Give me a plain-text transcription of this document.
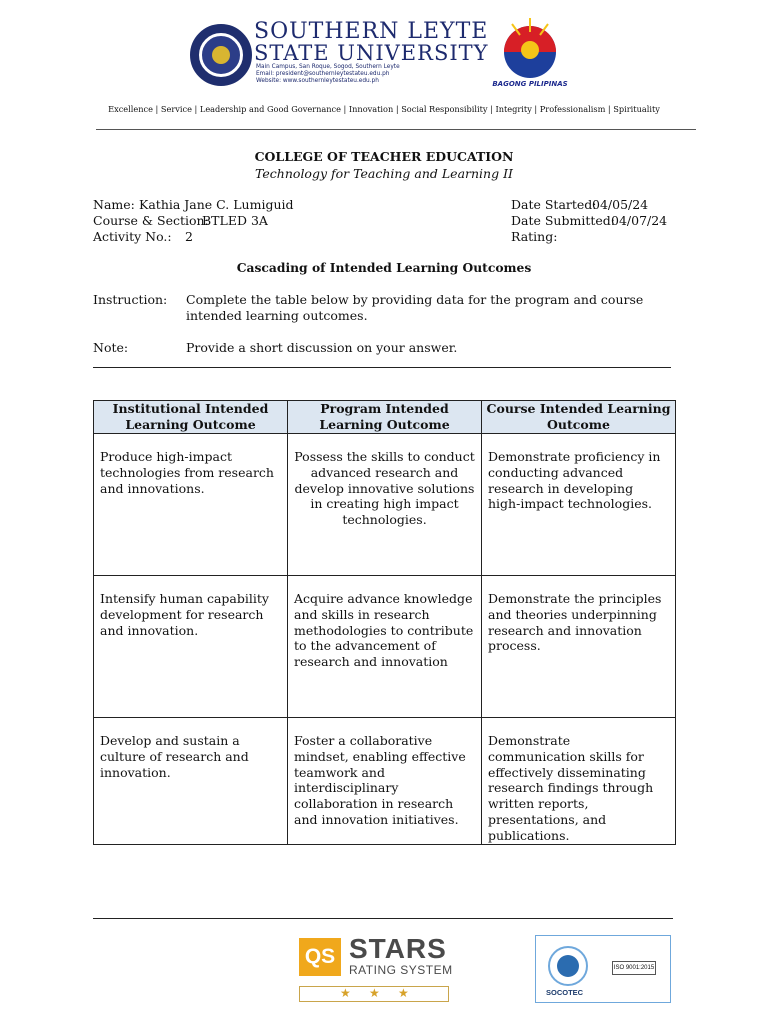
SOUTHERN LEYTE
STATE UNIVERSITY
Main Campus, San Roque, Sogod, Southern Leyte
Email: president@southernleytestateu.edu.ph
Website: www.southernleytestateu.edu.ph	BAGONG PILIPINAS
Excellence | Service | Leadership and Good Governance | Innovation | Social Responsibility | Integrity | Professionalism | Spirituality
COLLEGE OF TEACHER EDUCATION
Technology for Teaching and Learning II
Name: Kathia Jane C. Lumiguid
Course & Section:
BTLED 3A
Activity No.: 2
Date Started:
04/05/24
Date Submitted:
04/07/24
Rating:
Cascading of Intended Learning Outcomes
Instruction: Complete the table below by providing data for the program and course intended learning outcomes.
Note:	Provide a short discussion on your answer.
Institutional Intended Learning Outcome	Program Intended Learning Outcome	Course Intended Learning Outcome
Produce high-impact technologies from research and innovations.	Possess the skills to conduct advanced research and develop innovative solutions in creating high impact technologies.	Demonstrate proficiency in conducting advanced research in developing high-impact technologies.
Intensify human capability development for research and innovation.	Acquire advance knowledge and skills in research methodologies to contribute to the advancement of research and innovation	Demonstrate the principles and theories underpinning research and innovation process.
Develop and sustain a culture of research and innovation.	Foster a collaborative mindset, enabling effective teamwork and interdisciplinary collaboration in research and innovation initiatives.	Demonstrate communication skills for effectively disseminating research findings through written reports, presentations, and publications.
QS STARS
RATING SYSTEM
★ ★ ★	SOCOTEC
ISO 9001:2015
